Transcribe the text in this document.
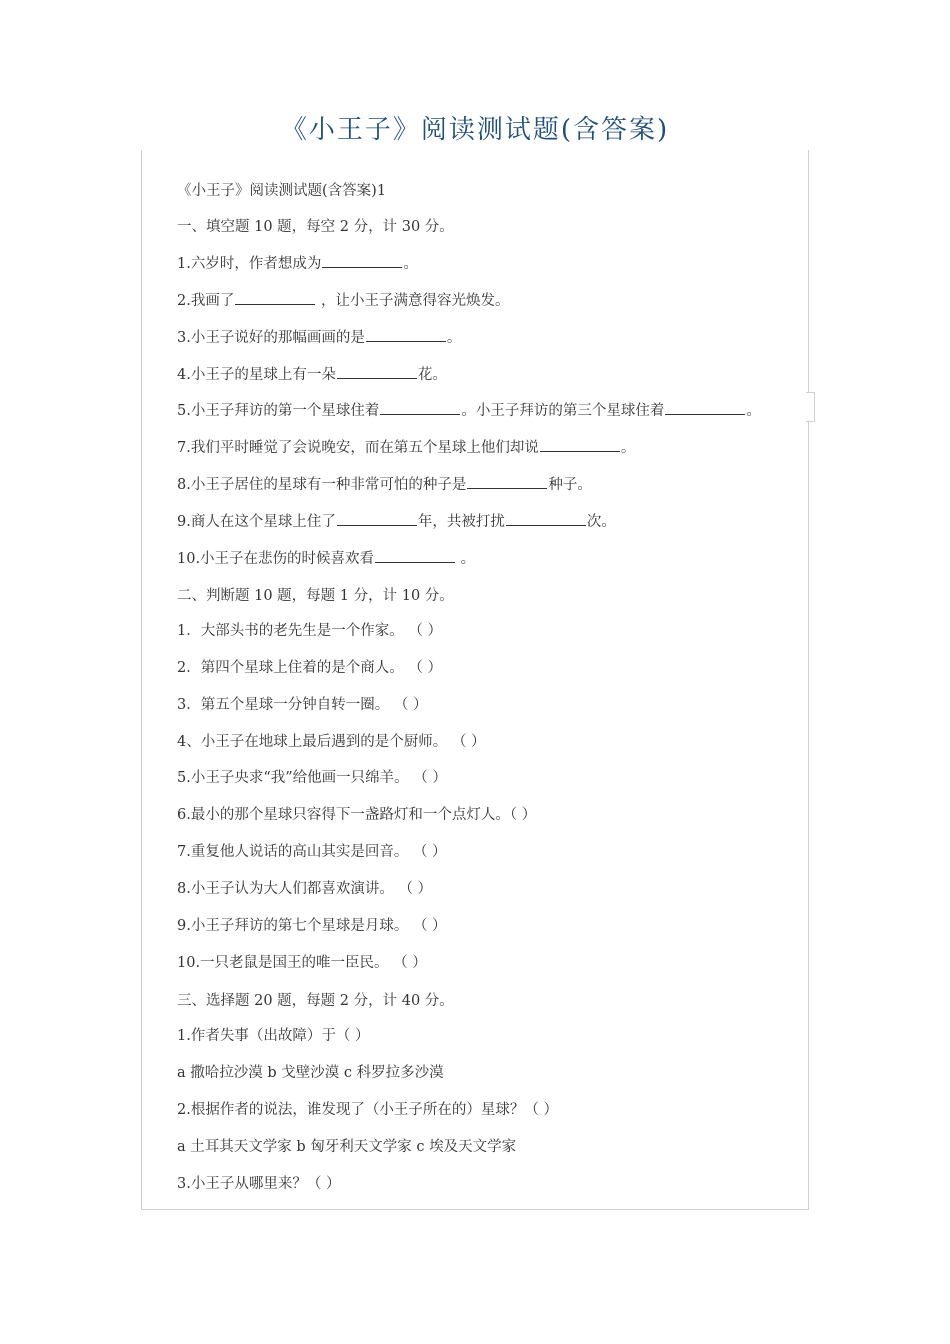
《小王子》阅读测试题(含答案)
《小王子》阅读测试题(含答案)1
一、填空题 10 题，每空 2 分，计 30 分。
1.六岁时，作者想成为	。
2.我画了	，让小王子满意得容光焕发。
3.小王子说好的那幅画画的是	。
4.小王子的星球上有一朵	花。
5.小王子拜访的第一个星球住着	。小王子拜访的第三个星球住着	。
7.我们平时睡觉了会说晚安，而在第五个星球上他们却说	。
8.小王子居住的星球有一种非常可怕的种子是	种子。
9.商人在这个星球上住了	年，共被打扰	次。
10.小王子在悲伤的时候喜欢看	。
二、判断题 10 题，每题 1 分，计 10 分。
1．大部头书的老先生是一个作家。 （ ）
2．第四个星球上住着的是个商人。 （ ）
3．第五个星球一分钟自转一圈。 （ ）
4、小王子在地球上最后遇到的是个厨师。 （ ）
5.小王子央求“我”给他画一只绵羊。 （ ）
6.最小的那个星球只容得下一盏路灯和一个点灯人。（ ）
7.重复他人说话的高山其实是回音。 （ ）
8.小王子认为大人们都喜欢演讲。 （ ）
9.小王子拜访的第七个星球是月球。 （ ）
10.一只老鼠是国王的唯一臣民。 （ ）
三、选择题 20 题，每题 2 分，计 40 分。
1.作者失事（出故障）于（ ）
a 撒哈拉沙漠 b 戈壁沙漠 c 科罗拉多沙漠
2.根据作者的说法，谁发现了（小王子所在的）星球？（ ）
a 土耳其天文学家 b 匈牙利天文学家 c 埃及天文学家
3.小王子从哪里来？（ ）
